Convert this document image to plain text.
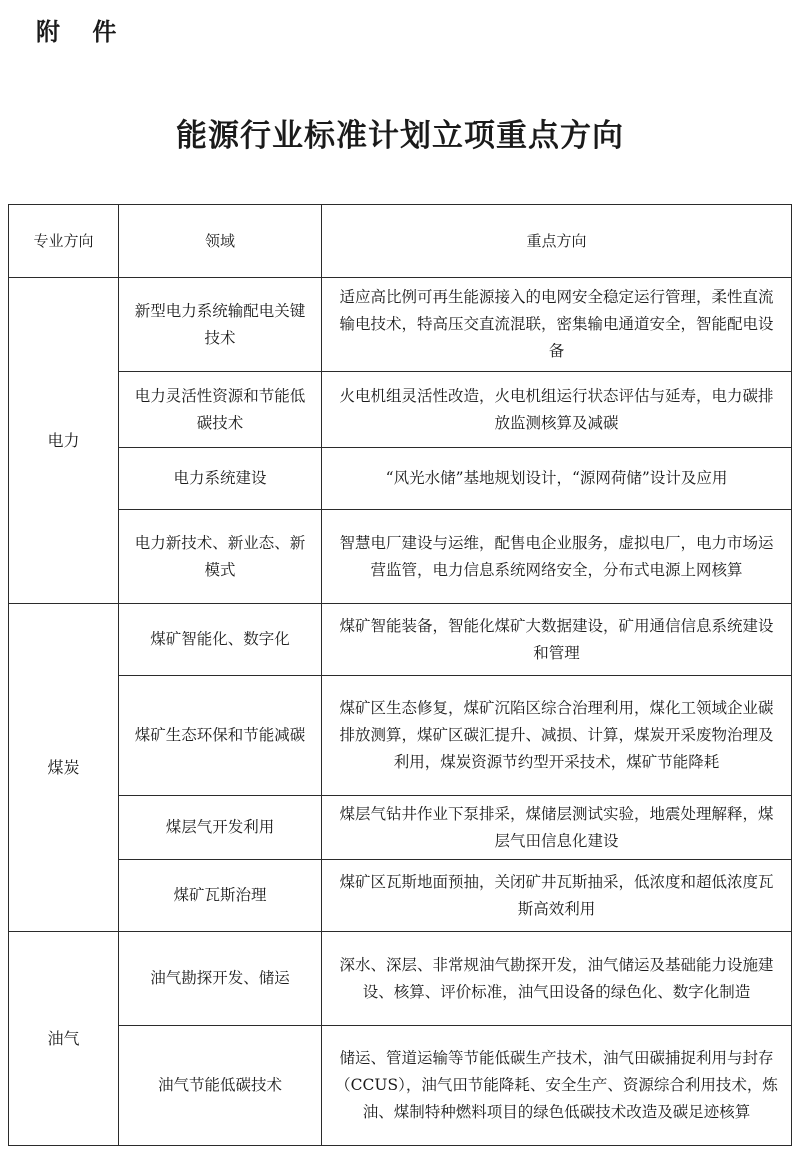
附 件
能源行业标准计划立项重点方向
专业方向	领域	重点方向
电力	新型电力系统输配电关键技术	适应高比例可再生能源接入的电网安全稳定运行管理，柔性直流输电技术，特高压交直流混联，密集输电通道安全，智能配电设备
	电力灵活性资源和节能低碳技术	火电机组灵活性改造，火电机组运行状态评估与延寿，电力碳排放监测核算及减碳
	电力系统建设	“风光水储”基地规划设计，“源网荷储”设计及应用
	电力新技术、新业态、新模式	智慧电厂建设与运维，配售电企业服务，虚拟电厂，电力市场运营监管，电力信息系统网络安全，分布式电源上网核算
煤炭	煤矿智能化、数字化	煤矿智能装备，智能化煤矿大数据建设，矿用通信信息系统建设和管理
	煤矿生态环保和节能减碳	煤矿区生态修复，煤矿沉陷区综合治理利用，煤化工领域企业碳排放测算，煤矿区碳汇提升、减损、计算，煤炭开采废物治理及利用，煤炭资源节约型开采技术，煤矿节能降耗
	煤层气开发利用	煤层气钻井作业下泵排采，煤储层测试实验，地震处理解释，煤层气田信息化建设
	煤矿瓦斯治理	煤矿区瓦斯地面预抽，关闭矿井瓦斯抽采，低浓度和超低浓度瓦斯高效利用
油气	油气勘探开发、储运	深水、深层、非常规油气勘探开发，油气储运及基础能力设施建设、核算、评价标准，油气田设备的绿色化、数字化制造
	油气节能低碳技术	储运、管道运输等节能低碳生产技术，油气田碳捕捉利用与封存（CCUS），油气田节能降耗、安全生产、资源综合利用技术，炼油、煤制特种燃料项目的绿色低碳技术改造及碳足迹核算
